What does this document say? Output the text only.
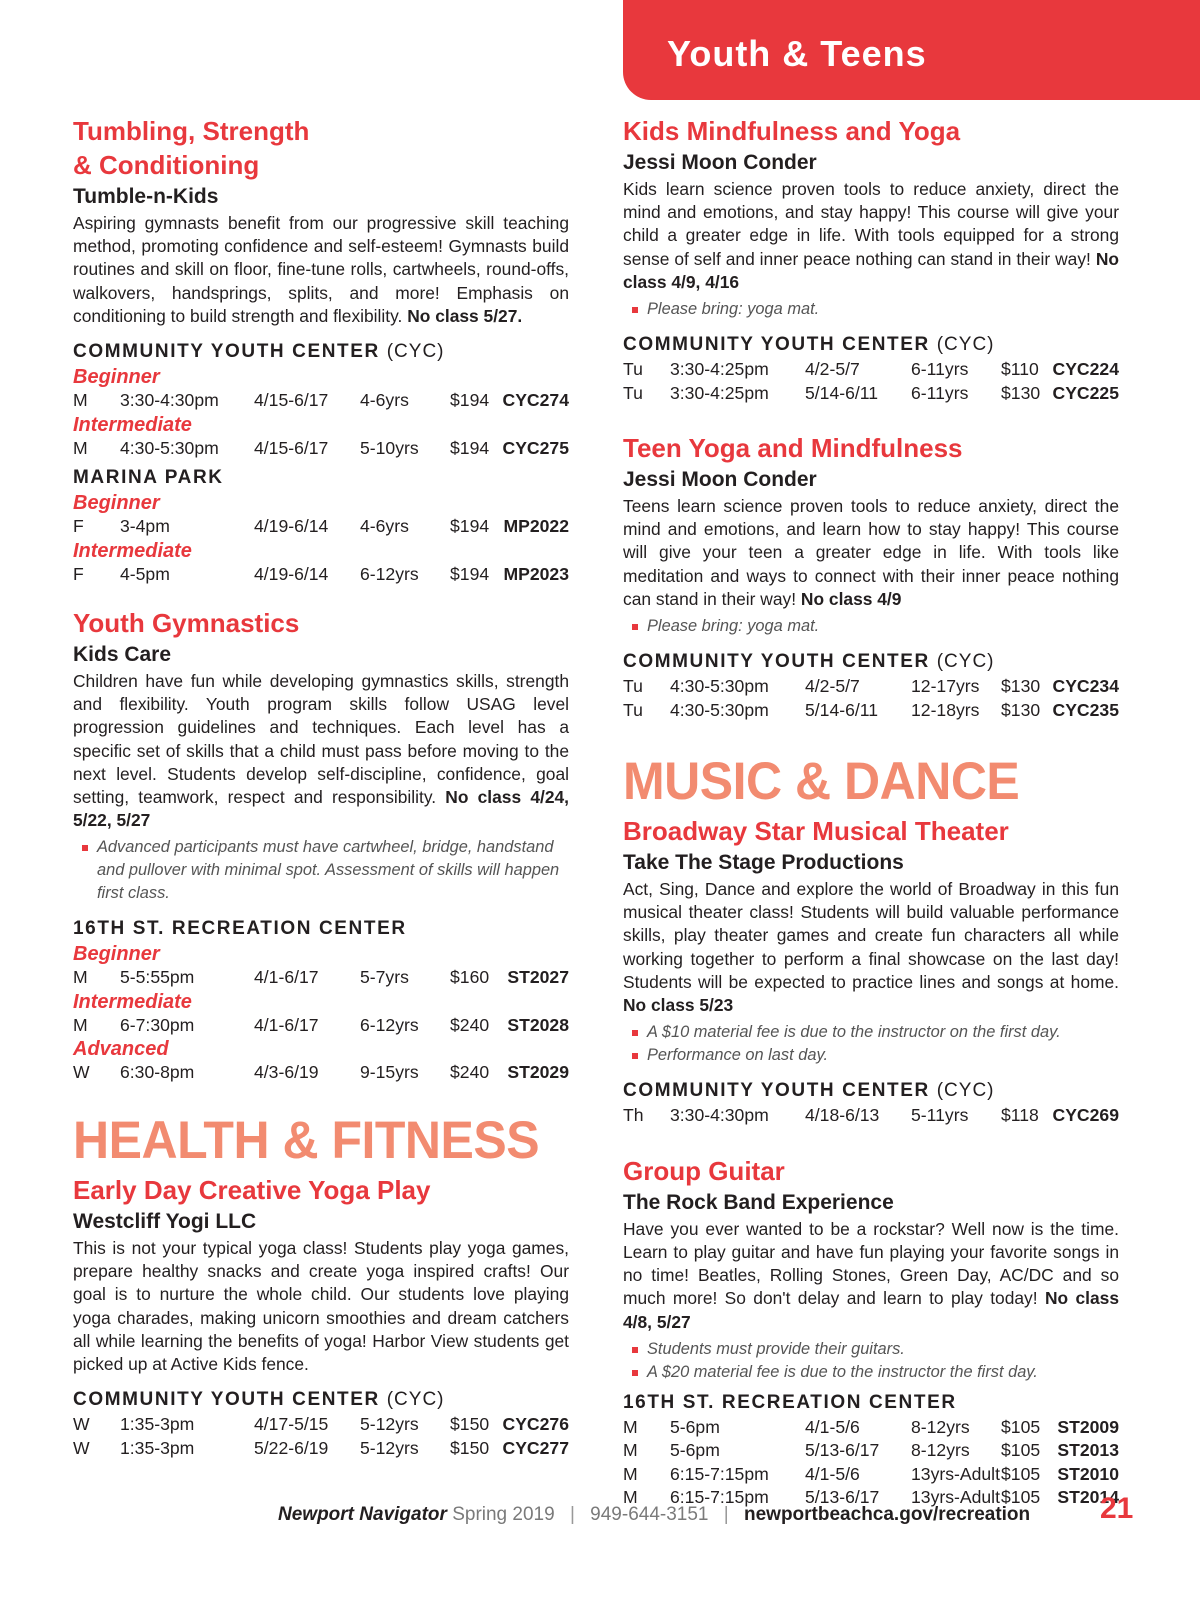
Youth & Teens
Tumbling, Strength
& Conditioning
Tumble-n-Kids

Aspiring gymnasts benefit from our progressive skill teaching method, promoting confidence and self-esteem! Gymnasts build routines and skill on floor, fine-tune rolls, cartwheels, round-offs, walkovers, handsprings, splits, and more! Emphasis on conditioning to build strength and flexibility. No class 5/27.

COMMUNITY YOUTH CENTER (CYC)
Beginner
M	3:30-4:30pm	4/15-6/17	4-6yrs	$194 CYC274
Intermediate
M	4:30-5:30pm	4/15-6/17	5-10yrs	$194 CYC275
MARINA PARK
Beginner
F	3-4pm	4/19-6/14	4-6yrs	$194 MP2022
Intermediate
F	4-5pm	4/19-6/14	6-12yrs	$194 MP2023
Youth Gymnastics
Kids Care

Children have fun while developing gymnastics skills, strength and flexibility. Youth program skills follow USAG level progression guidelines and techniques. Each level has a specific set of skills that a child must pass before moving to the next level. Students develop self-discipline, confidence, goal setting, teamwork, respect and responsibility. No class 4/24, 5/22, 5/27

Advanced participants must have cartwheel, bridge, handstand and pullover with minimal spot. Assessment of skills will happen first class.
16TH ST. RECREATION CENTER
Beginner
M	5-5:55pm	4/1-6/17	5-7yrs	$160	ST2027
Intermediate
M	6-7:30pm	4/1-6/17	6-12yrs	$240	ST2028
Advanced
W	6:30-8pm	4/3-6/19	9-15yrs	$240	ST2029
HEALTH & FITNESS
Early Day Creative Yoga Play
Westcliff Yogi LLC

This is not your typical yoga class! Students play yoga games, prepare healthy snacks and create yoga inspired crafts! Our goal is to nurture the whole child. Our students love playing yoga charades, making unicorn smoothies and dream catchers all while learning the benefits of yoga! Harbor View students get picked up at Active Kids fence.

COMMUNITY YOUTH CENTER (CYC)
W	1:35-3pm	4/17-5/15	5-12yrs	$150 CYC276
W	1:35-3pm	5/22-6/19	5-12yrs	$150 CYC277
Kids Mindfulness and Yoga
Jessi Moon Conder

Kids learn science proven tools to reduce anxiety, direct the mind and emotions, and stay happy! This course will give your child a greater edge in life. With tools equipped for a strong sense of self and inner peace nothing can stand in their way! No class 4/9, 4/16

Please bring: yoga mat.
COMMUNITY YOUTH CENTER (CYC)
Tu	3:30-4:25pm	4/2-5/7	6-11yrs	$110 CYC224
Tu	3:30-4:25pm	5/14-6/11	6-11yrs	$130 CYC225
Teen Yoga and Mindfulness
Jessi Moon Conder

Teens learn science proven tools to reduce anxiety, direct the mind and emotions, and learn how to stay happy! This course will give your teen a greater edge in life. With tools like meditation and ways to connect with their inner peace nothing can stand in their way! No class 4/9

Please bring: yoga mat.
COMMUNITY YOUTH CENTER (CYC)
Tu	4:30-5:30pm	4/2-5/7	12-17yrs	$130 CYC234
Tu	4:30-5:30pm	5/14-6/11	12-18yrs	$130 CYC235
MUSIC & DANCE
Broadway Star Musical Theater
Take The Stage Productions

Act, Sing, Dance and explore the world of Broadway in this fun musical theater class! Students will build valuable performance skills, play theater games and create fun characters all while working together to perform a final showcase on the last day! Students will be expected to practice lines and songs at home. No class 5/23

A $10 material fee is due to the instructor on the first day.
Performance on last day.
COMMUNITY YOUTH CENTER (CYC)
Th	3:30-4:30pm	4/18-6/13	5-11yrs	$118 CYC269
Group Guitar
The Rock Band Experience

Have you ever wanted to be a rockstar? Well now is the time. Learn to play guitar and have fun playing your favorite songs in no time! Beatles, Rolling Stones, Green Day, AC/DC and so much more! So don't delay and learn to play today! No class 4/8, 5/27

Students must provide their guitars.
A $20 material fee is due to the instructor the first day.
16TH ST. RECREATION CENTER
M	5-6pm	4/1-5/6	8-12yrs	$105 ST2009
M	5-6pm	5/13-6/17	8-12yrs	$105 ST2013
M	6:15-7:15pm	4/1-5/6	13yrs-Adult $105 ST2010
M	6:15-7:15pm	5/13-6/17	13yrs-Adult $105 ST2014
Newport Navigator Spring 2019 | 949-644-3151 | newportbeachca.gov/recreation 21
